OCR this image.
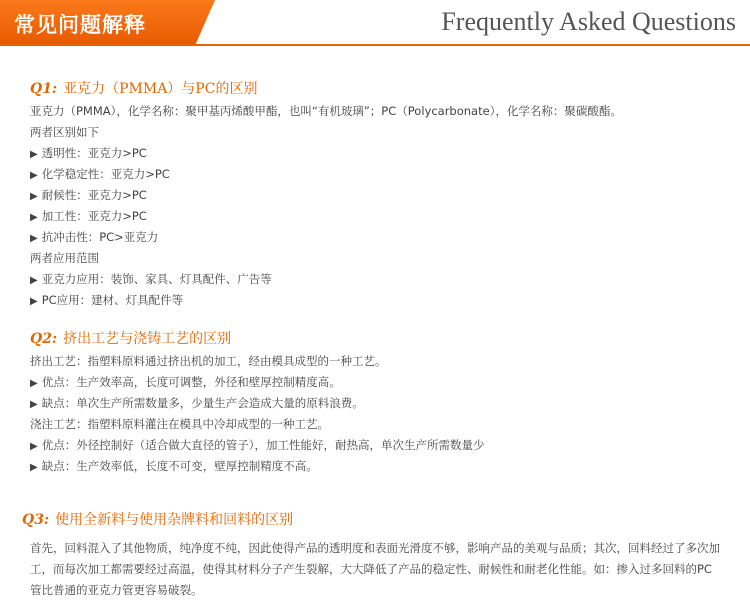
常见问题解释	Frequently Asked Questions
Q1: 亚克力（PMMA）与PC的区别
亚克力（PMMA），化学名称：聚甲基丙烯酸甲酯，也叫“有机玻璃”；PC（Polycarbonate），化学名称：聚碳酸酯。
两者区别如下
▶ 透明性：亚克力>PC
▶ 化学稳定性：亚克力>PC
▶ 耐候性：亚克力>PC
▶ 加工性：亚克力>PC
▶ 抗冲击性：PC>亚克力
两者应用范围
▶ 亚克力应用：装饰、家具、灯具配件、广告等
▶ PC应用：建材、灯具配件等
Q2: 挤出工艺与浇铸工艺的区别
挤出工艺：指塑料原料通过挤出机的加工，经由模具成型的一种工艺。
▶ 优点：生产效率高，长度可调整，外径和壁厚控制精度高。
▶ 缺点：单次生产所需数量多，少量生产会造成大量的原料浪费。
浇注工艺：指塑料原料灌注在模具中冷却成型的一种工艺。
▶ 优点：外径控制好（适合做大直径的管子），加工性能好，耐热高，单次生产所需数量少
▶ 缺点：生产效率低，长度不可变，壁厚控制精度不高。
Q3: 使用全新料与使用杂牌料和回料的区别
首先，回料混入了其他物质，纯净度不纯，因此使得产品的透明度和表面光滑度不够，影响产品的美观与品质；其次，回料经过了多次加工，而每次加工都需要经过高温，使得其材料分子产生裂解，大大降低了产品的稳定性、耐候性和耐老化性能。如：掺入过多回料的PC管比普通的亚克力管更容易破裂。
